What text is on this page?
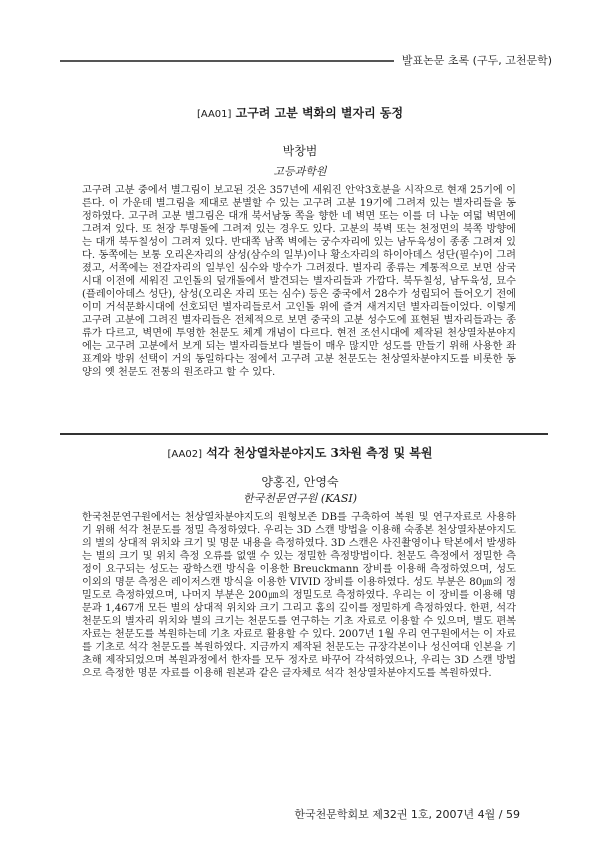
발표논문 초록 (구두, 고천문학)
[AA01] 고구려 고분 벽화의 별자리 동정
박창범
고등과학원
고구려 고분 중에서 별그림이 보고된 것은 357년에 세워진 안악3호분을 시작으로 현재 25기에 이른다. 이 가운데 별그림을 제대로 분별할 수 있는 고구려 고분 19기에 그려져 있는 별자리들을 동정하였다. 고구려 고분 별그림은 대개 북서남동 쪽을 향한 네 벽면 또는 이를 더 나눈 여덟 벽면에 그려져 있다. 또 천장 투명돌에 그려져 있는 경우도 있다. 고분의 북벽 또는 천정면의 북쪽 방향에는 대개 북두칠성이 그려져 있다. 반대쪽 남쪽 벽에는 궁수자리에 있는 남두육성이 종종 그려져 있다. 동쪽에는 보통 오리온자리의 삼성(삼수의 일부)이나 황소자리의 하이아데스 성단(필수)이 그려졌고, 서쪽에는 전갈자리의 일부인 심수와 방수가 그려졌다. 별자리 종류는 계통적으로 보면 삼국시대 이전에 세워진 고인돌의 덮개돌에서 발견되는 별자리들과 가깝다. 북두칠성, 남두육성, 묘수(플레이아데스 성단), 삼성(오리온 자리 또는 심수) 등은 중국에서 28수가 성립되어 들어오기 전에 이미 거석문화시대에 선호되던 별자리들로서 고인돌 위에 즐겨 새겨지던 별자리들이었다. 이렇게 고구려 고분에 그려진 별자리들은 전체적으로 보면 중국의 고분 성수도에 표현된 별자리들과는 종류가 다르고, 벽면에 투영한 천문도 체계 개념이 다르다. 현전 조선시대에 제작된 천상열차분야지에는 고구려 고분에서 보게 되는 별자리들보다 별들이 매우 많지만 성도를 만들기 위해 사용한 좌표계와 방위 선택이 거의 동일하다는 점에서 고구려 고분 천문도는 천상열차분야지도를 비롯한 동양의 옛 천문도 전통의 원조라고 할 수 있다.
[AA02] 석각 천상열차분야지도 3차원 측정 및 복원
양홍진, 안영숙
한국천문연구원 (KASI)
한국천문연구원에서는 천상열차분야지도의 원형보존 DB를 구축하여 복원 및 연구자료로 사용하기 위해 석각 천문도를 정밀 측정하였다. 우리는 3D 스캔 방법을 이용해 숙종본 천상열차분야지도의 별의 상대적 위치와 크기 및 명문 내용을 측정하였다. 3D 스캔은 사진촬영이나 탁본에서 발생하는 별의 크기 및 위치 측정 오류를 없앨 수 있는 정밀한 측정방법이다. 천문도 측정에서 정밀한 측정이 요구되는 성도는 광학스캔 방식을 이용한 Breuckmann 장비를 이용해 측정하였으며, 성도 이외의 명문 측정은 레이저스캔 방식을 이용한 VIVID 장비를 이용하였다. 성도 부분은 80㎛의 정밀도로 측정하였으며, 나머지 부분은 200㎛의 정밀도로 측정하였다. 우리는 이 장비를 이용해 명문과 1,467개 모든 별의 상대적 위치와 크기 그리고 홈의 깊이를 정밀하게 측정하였다. 한편, 석각 천문도의 별자리 위치와 별의 크기는 천문도를 연구하는 기초 자료로 이용할 수 있으며, 별도 편복 자료는 천문도를 복원하는데 기초 자료로 활용할 수 있다. 2007년 1월 우리 연구원에서는 이 자료를 기초로 석각 천문도를 복원하였다. 지금까지 제작된 천문도는 규장각본이나 성신여대 인본을 기초해 제작되었으며 복원과정에서 한자를 모두 정자로 바꾸어 각석하였으나, 우리는 3D 스캔 방법으로 측정한 명문 자료를 이용해 원본과 같은 글자체로 석각 천상열차분야지도를 복원하였다.
한국천문학회보 제32권 1호, 2007년 4월 / 59
